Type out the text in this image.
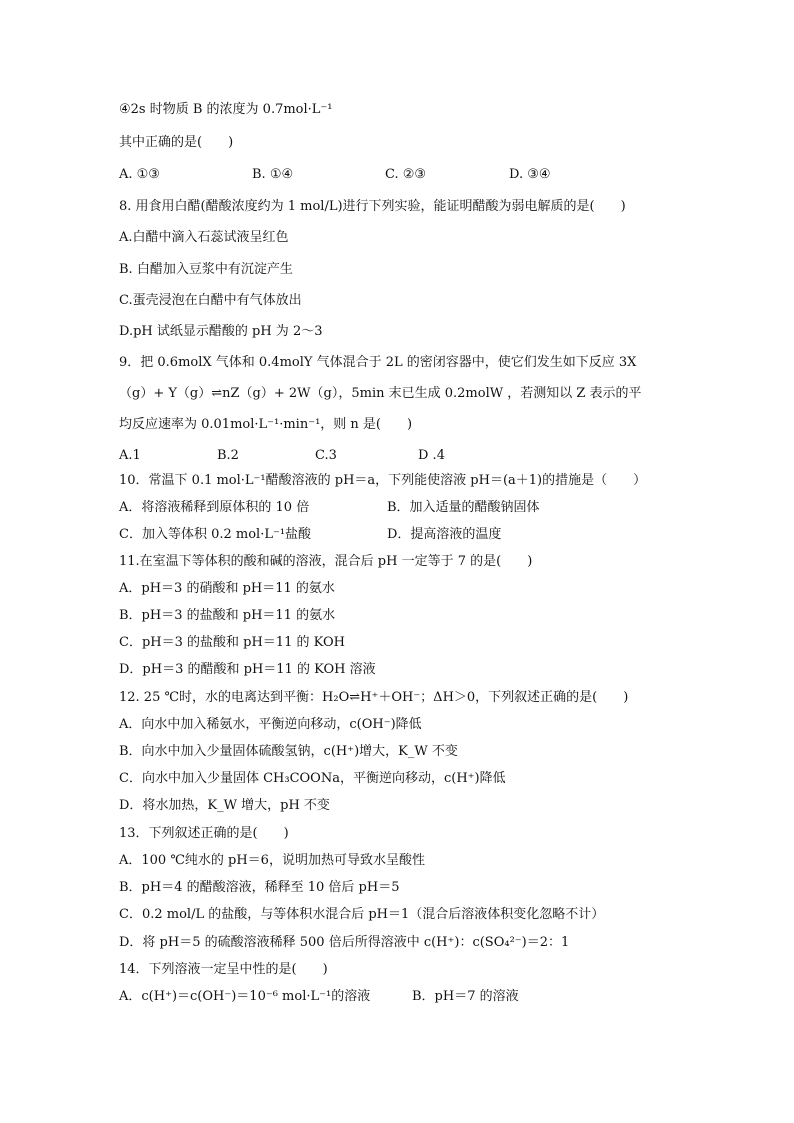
④2s 时物质 B 的浓度为 0.7mol·L⁻¹
其中正确的是(　　)
A. ①③	B. ①④	C. ②③	D. ③④
8. 用食用白醋(醋酸浓度约为 1 mol/L)进行下列实验，能证明醋酸为弱电解质的是(　　)
A.白醋中滴入石蕊试液呈红色
B. 白醋加入豆浆中有沉淀产生
C.蛋壳浸泡在白醋中有气体放出
D.pH 试纸显示醋酸的 pH 为 2～3
9．把 0.6molX 气体和 0.4molY 气体混合于 2L 的密闭容器中，使它们发生如下反应 3X
（g）+ Y（g）⇌nZ（g）+ 2W（g），5min 末已生成 0.2molW ，若测知以 Z 表示的平
均反应速率为 0.01mol·L⁻¹·min⁻¹，则 n 是(　　)
A.1	B.2	C.3	D .4
10．常温下 0.1 mol·L⁻¹醋酸溶液的 pH＝a，下列能使溶液 pH＝(a＋1)的措施是（　　）
A．将溶液稀释到原体积的 10 倍	B．加入适量的醋酸钠固体
C．加入等体积 0.2 mol·L⁻¹盐酸	D．提高溶液的温度
11.在室温下等体积的酸和碱的溶液，混合后 pH 一定等于 7 的是(　　)
A．pH＝3 的硝酸和 pH＝11 的氨水
B．pH＝3 的盐酸和 pH＝11 的氨水
C．pH＝3 的盐酸和 pH＝11 的 KOH
D．pH＝3 的醋酸和 pH＝11 的 KOH 溶液
12. 25 ℃时，水的电离达到平衡：H₂O⇌H⁺＋OH⁻；ΔH＞0，下列叙述正确的是(　　)
A．向水中加入稀氨水，平衡逆向移动，c(OH⁻)降低
B．向水中加入少量固体硫酸氢钠，c(H⁺)增大，K_W 不变
C．向水中加入少量固体 CH₃COONa，平衡逆向移动，c(H⁺)降低
D．将水加热，K_W 增大，pH 不变
13．下列叙述正确的是(　　)
A．100 ℃纯水的 pH＝6，说明加热可导致水呈酸性
B．pH＝4 的醋酸溶液，稀释至 10 倍后 pH＝5
C．0.2 mol/L 的盐酸，与等体积水混合后 pH＝1（混合后溶液体积变化忽略不计）
D．将 pH＝5 的硫酸溶液稀释 500 倍后所得溶液中 c(H⁺)：c(SO₄²⁻)＝2：1
14．下列溶液一定呈中性的是(　　)
A．c(H⁺)＝c(OH⁻)＝10⁻⁶ mol·L⁻¹的溶液	B．pH＝7 的溶液
